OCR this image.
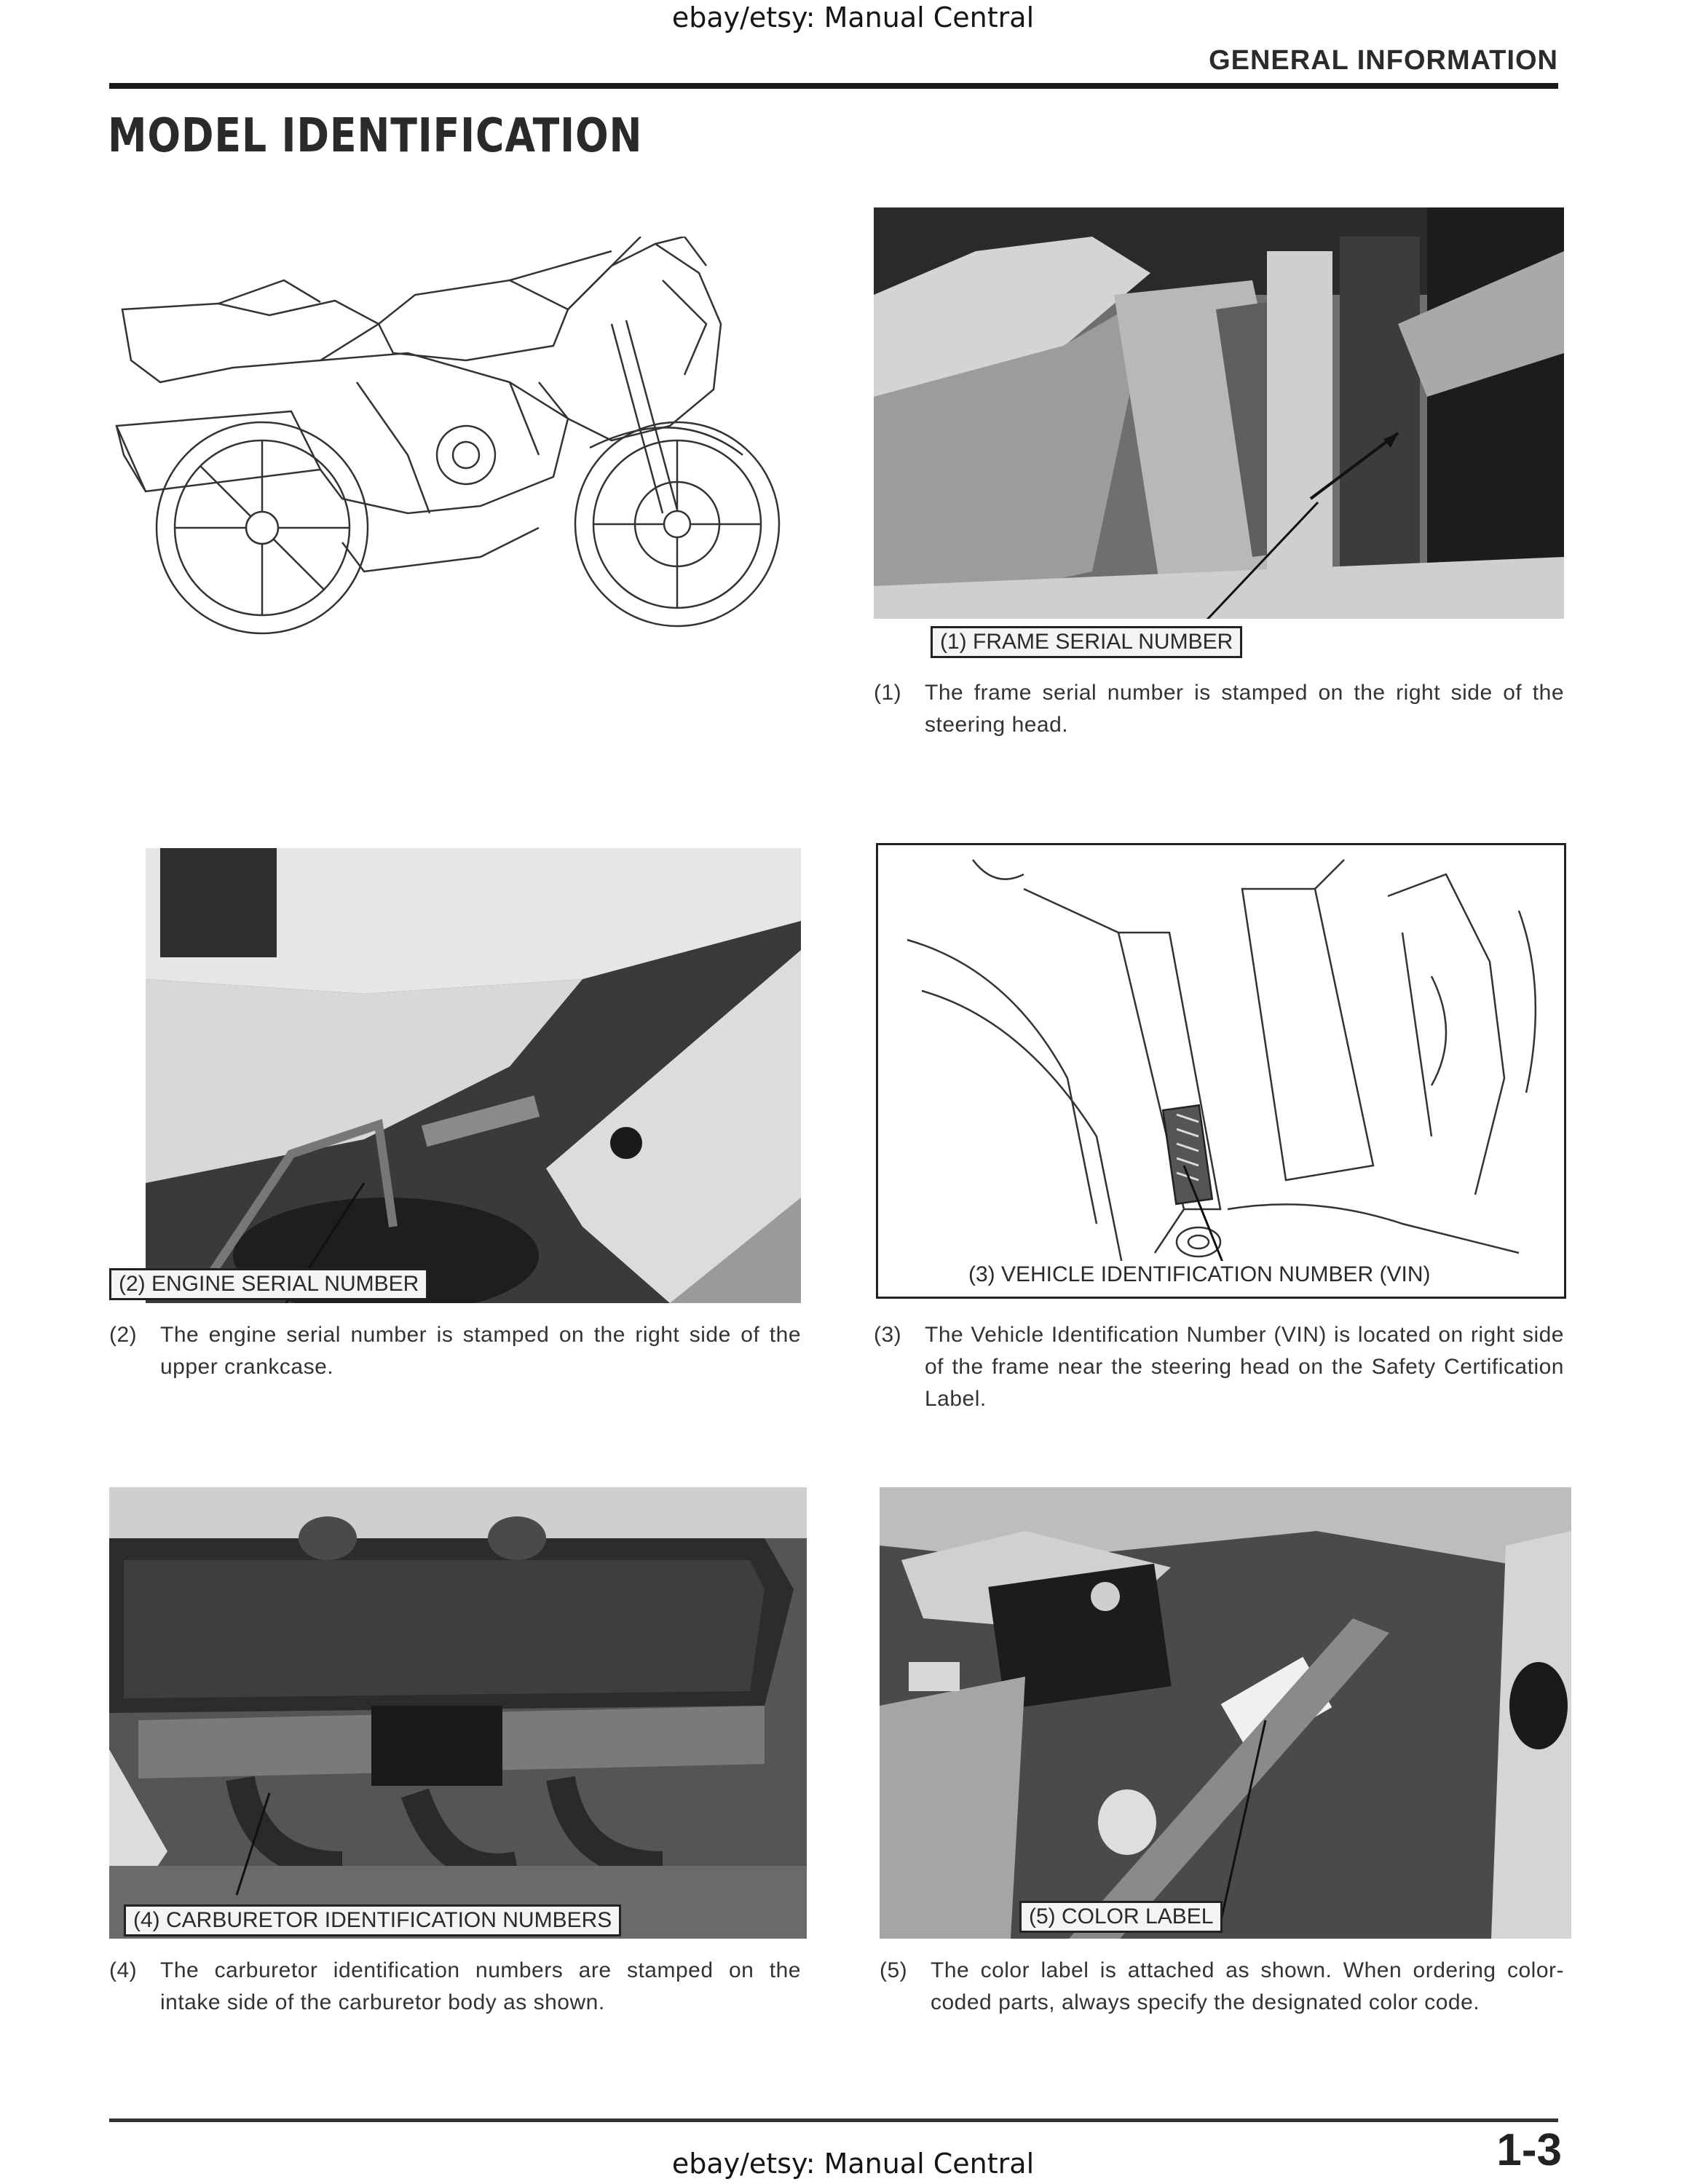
ebay/etsy: Manual Central
GENERAL INFORMATION
MODEL IDENTIFICATION
(1) FRAME SERIAL NUMBER
(1) The frame serial number is stamped on the right side of the steering head.
(2) ENGINE SERIAL NUMBER
(2) The engine serial number is stamped on the right side of the upper crankcase.
(3) VEHICLE IDENTIFICATION NUMBER (VIN)
(3) The Vehicle Identification Number (VIN) is located on right side of the frame near the steering head on the Safety Certification Label.
(4) CARBURETOR IDENTIFICATION NUMBERS
(4) The carburetor identification numbers are stamped on the intake side of the carburetor body as shown.
(5) COLOR LABEL
(5) The color label is attached as shown. When ordering color-coded parts, always specify the designated color code.
ebay/etsy: Manual Central	1-3
